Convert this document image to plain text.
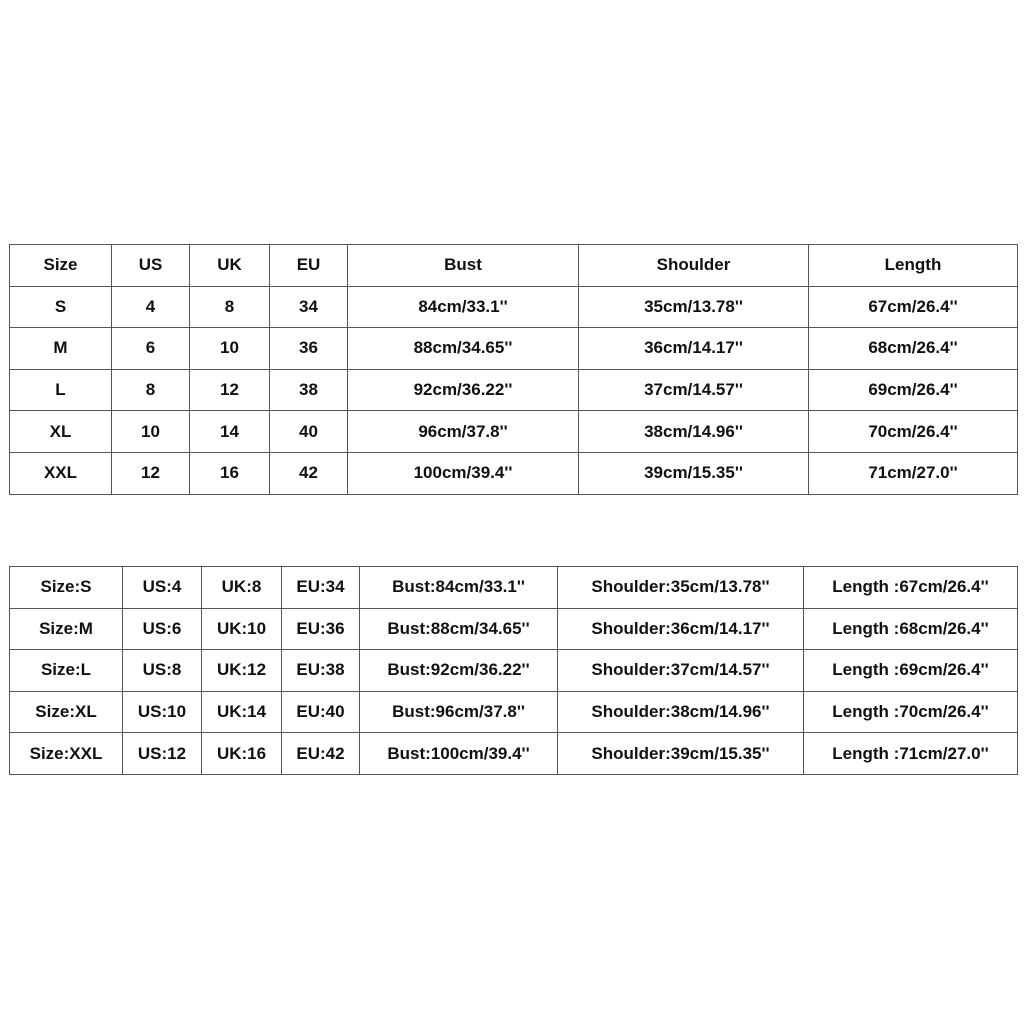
Size	US	UK	EU	Bust	Shoulder	Length
S	4	8	34	84cm/33.1''	35cm/13.78''	67cm/26.4''
M	6	10	36	88cm/34.65''	36cm/14.17''	68cm/26.4''
L	8	12	38	92cm/36.22''	37cm/14.57''	69cm/26.4''
XL	10	14	40	96cm/37.8''	38cm/14.96''	70cm/26.4''
XXL	12	16	42	100cm/39.4''	39cm/15.35''	71cm/27.0''
Size:S	US:4	UK:8	EU:34	Bust:84cm/33.1''	Shoulder:35cm/13.78''	Length :67cm/26.4''
Size:M	US:6	UK:10	EU:36	Bust:88cm/34.65''	Shoulder:36cm/14.17''	Length :68cm/26.4''
Size:L	US:8	UK:12	EU:38	Bust:92cm/36.22''	Shoulder:37cm/14.57''	Length :69cm/26.4''
Size:XL	US:10	UK:14	EU:40	Bust:96cm/37.8''	Shoulder:38cm/14.96''	Length :70cm/26.4''
Size:XXL	US:12	UK:16	EU:42	Bust:100cm/39.4''	Shoulder:39cm/15.35''	Length :71cm/27.0''
